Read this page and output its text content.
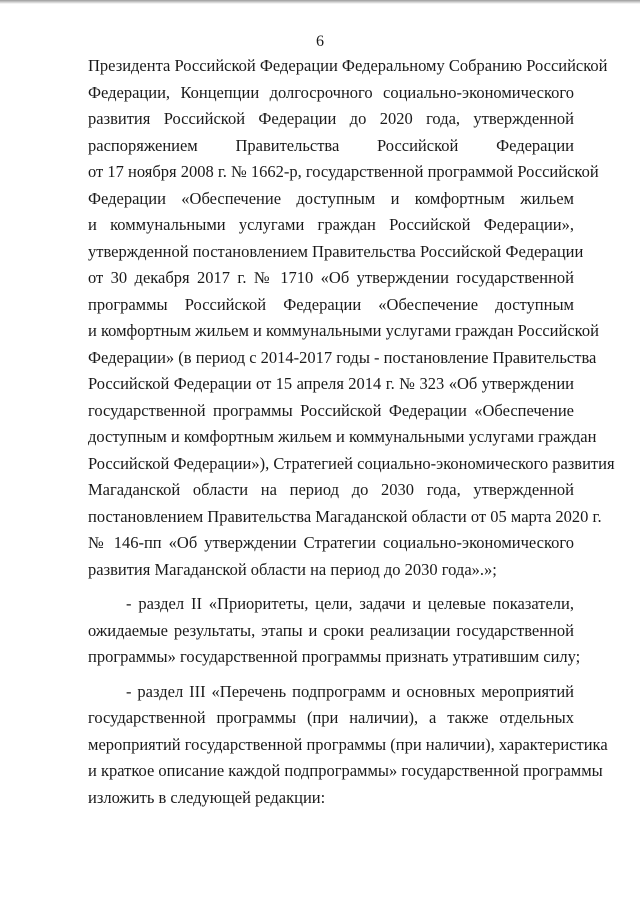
6

Президента Российской Федерации Федеральному Собранию Российской
Федерации, Концепции долгосрочного социально-экономического
развития Российской Федерации до 2020 года, утвержденной
распоряжением Правительства Российской Федерации
от 17 ноября 2008 г. № 1662-р, государственной программой Российской
Федерации «Обеспечение доступным и комфортным жильем
и коммунальными услугами граждан Российской Федерации»,
утвержденной постановлением Правительства Российской Федерации
от 30 декабря 2017 г. № 1710 «Об утверждении государственной
программы Российской Федерации «Обеспечение доступным
и комфортным жильем и коммунальными услугами граждан Российской
Федерации» (в период с 2014-2017 годы - постановление Правительства
Российской Федерации от 15 апреля 2014 г. № 323 «Об утверждении
государственной программы Российской Федерации «Обеспечение
доступным и комфортным жильем и коммунальными услугами граждан
Российской Федерации»), Стратегией социально-экономического развития
Магаданской области на период до 2030 года, утвержденной
постановлением Правительства Магаданской области от 05 марта 2020 г.
№ 146-пп «Об утверждении Стратегии социально-экономического
развития Магаданской области на период до 2030 года».»;

- раздел II «Приоритеты, цели, задачи и целевые показатели,
ожидаемые результаты, этапы и сроки реализации государственной
программы» государственной программы признать утратившим силу;

- раздел III «Перечень подпрограмм и основных мероприятий
государственной программы (при наличии), а также отдельных
мероприятий государственной программы (при наличии), характеристика
и краткое описание каждой подпрограммы» государственной программы
изложить в следующей редакции:
